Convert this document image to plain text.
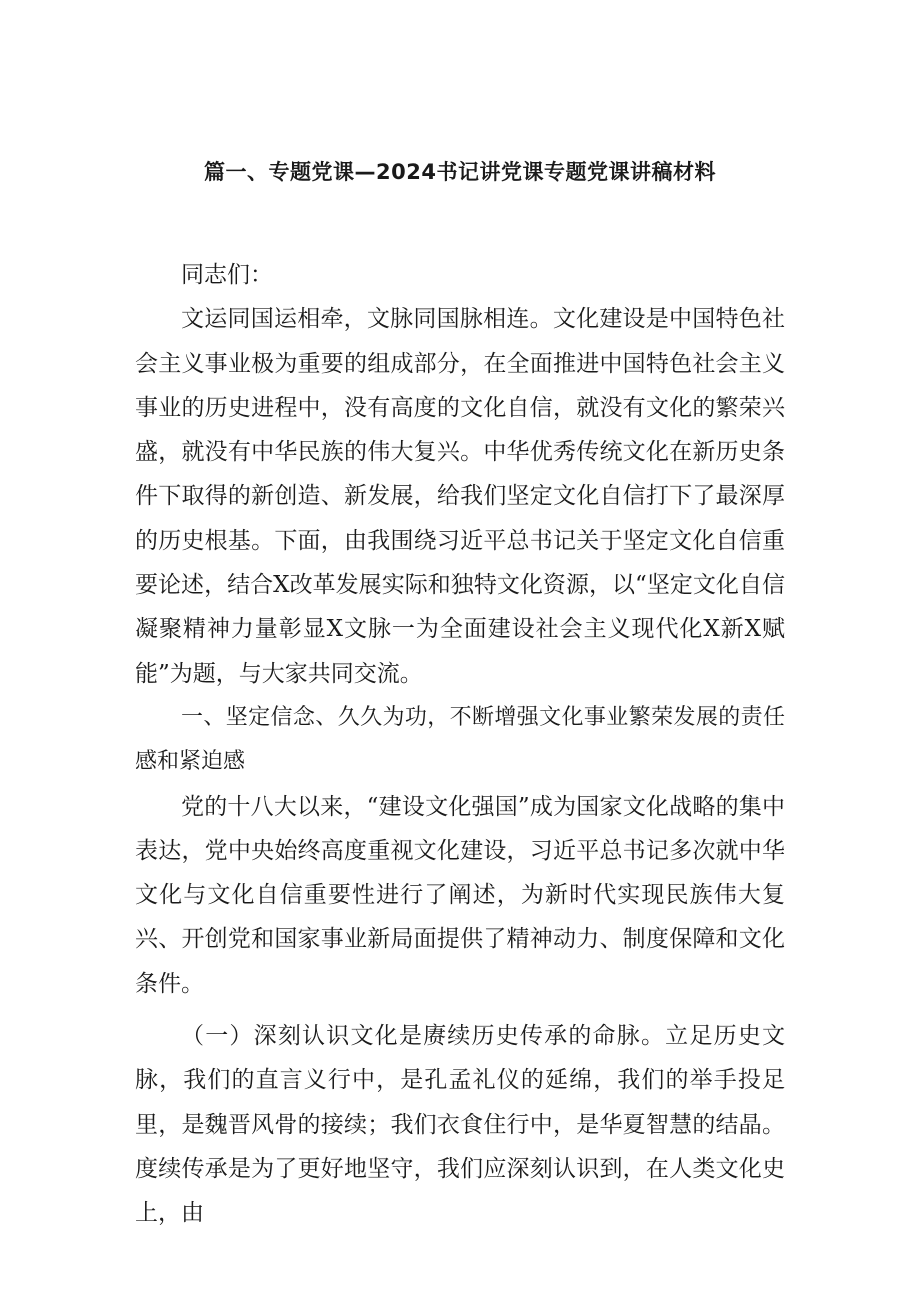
篇一、专题党课—2024书记讲党课专题党课讲稿材料

同志们：

文运同国运相牵，文脉同国脉相连。文化建设是中国特色社会主义事业极为重要的组成部分，在全面推进中国特色社会主义事业的历史进程中，没有高度的文化自信，就没有文化的繁荣兴盛，就没有中华民族的伟大复兴。中华优秀传统文化在新历史条件下取得的新创造、新发展，给我们坚定文化自信打下了最深厚的历史根基。下面，由我围绕习近平总书记关于坚定文化自信重要论述，结合X改革发展实际和独特文化资源，以“坚定文化自信凝聚精神力量彰显X文脉一为全面建设社会主义现代化X新X赋能”为题，与大家共同交流。

一、坚定信念、久久为功，不断增强文化事业繁荣发展的责任感和紧迫感

党的十八大以来，“建设文化强国”成为国家文化战略的集中表达，党中央始终高度重视文化建设，习近平总书记多次就中华文化与文化自信重要性进行了阐述，为新时代实现民族伟大复兴、开创党和国家事业新局面提供了精神动力、制度保障和文化条件。

（一）深刻认识文化是赓续历史传承的命脉。立足历史文脉，我们的直言义行中，是孔孟礼仪的延绵，我们的举手投足里，是魏晋风骨的接续；我们衣食住行中，是华夏智慧的结晶。度续传承是为了更好地坚守，我们应深刻认识到，在人类文化史上，由
